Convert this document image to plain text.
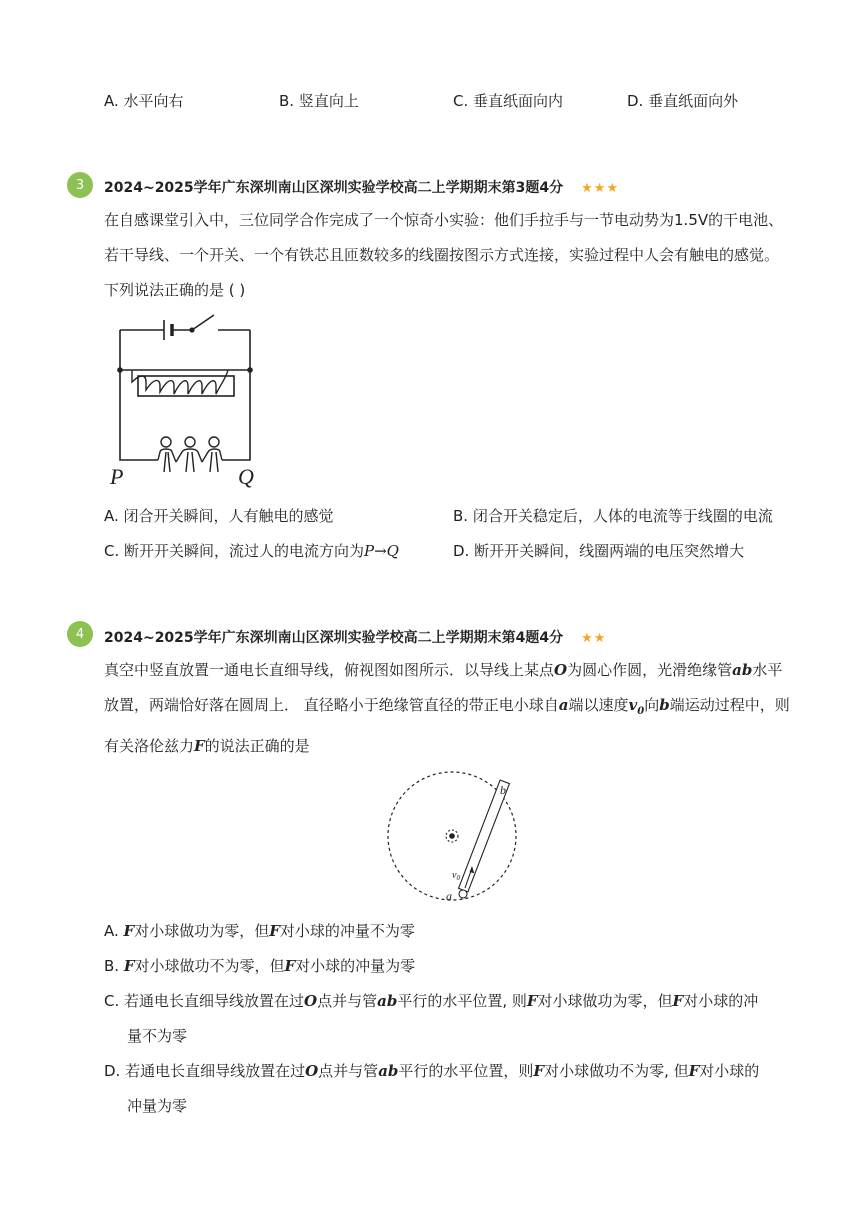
A. 水平向右	B. 竖直向上	C. 垂直纸面向内	D. 垂直纸面向外
3	2024~2025学年广东深圳南山区深圳实验学校高二上学期期末第3题4分 ★★★
在自感课堂引入中，三位同学合作完成了一个惊奇小实验：他们手拉手与一节电动势为1.5V的干电池、
若干导线、一个开关、一个有铁芯且匝数较多的线圈按图示方式连接，实验过程中人会有触电的感觉。
下列说法正确的是 ( )
P	Q
A. 闭合开关瞬间，人有触电的感觉	B. 闭合开关稳定后，人体的电流等于线圈的电流
C. 断开开关瞬间，流过人的电流方向为P→Q	D. 断开开关瞬间，线圈两端的电压突然增大
4	2024~2025学年广东深圳南山区深圳实验学校高二上学期期末第4题4分 ★★
真空中竖直放置一通电长直细导线，俯视图如图所示．以导线上某点O为圆心作圆，光滑绝缘管ab水平
放置，两端恰好落在圆周上． 直径略小于绝缘管直径的带正电小球自a端以速度$v_0$向b端运动过程中，则
有关洛伦兹力F的说法正确的是
$v_0$
a
b
A. F对小球做功为零，但F对小球的冲量不为零
B. F对小球做功不为零，但F对小球的冲量为零
C. 若通电长直细导线放置在过O点并与管ab平行的水平位置, 则F对小球做功为零，但F对小球的冲
量不为零
D. 若通电长直细导线放置在过O点并与管ab平行的水平位置，则F对小球做功不为零, 但F对小球的
冲量为零
